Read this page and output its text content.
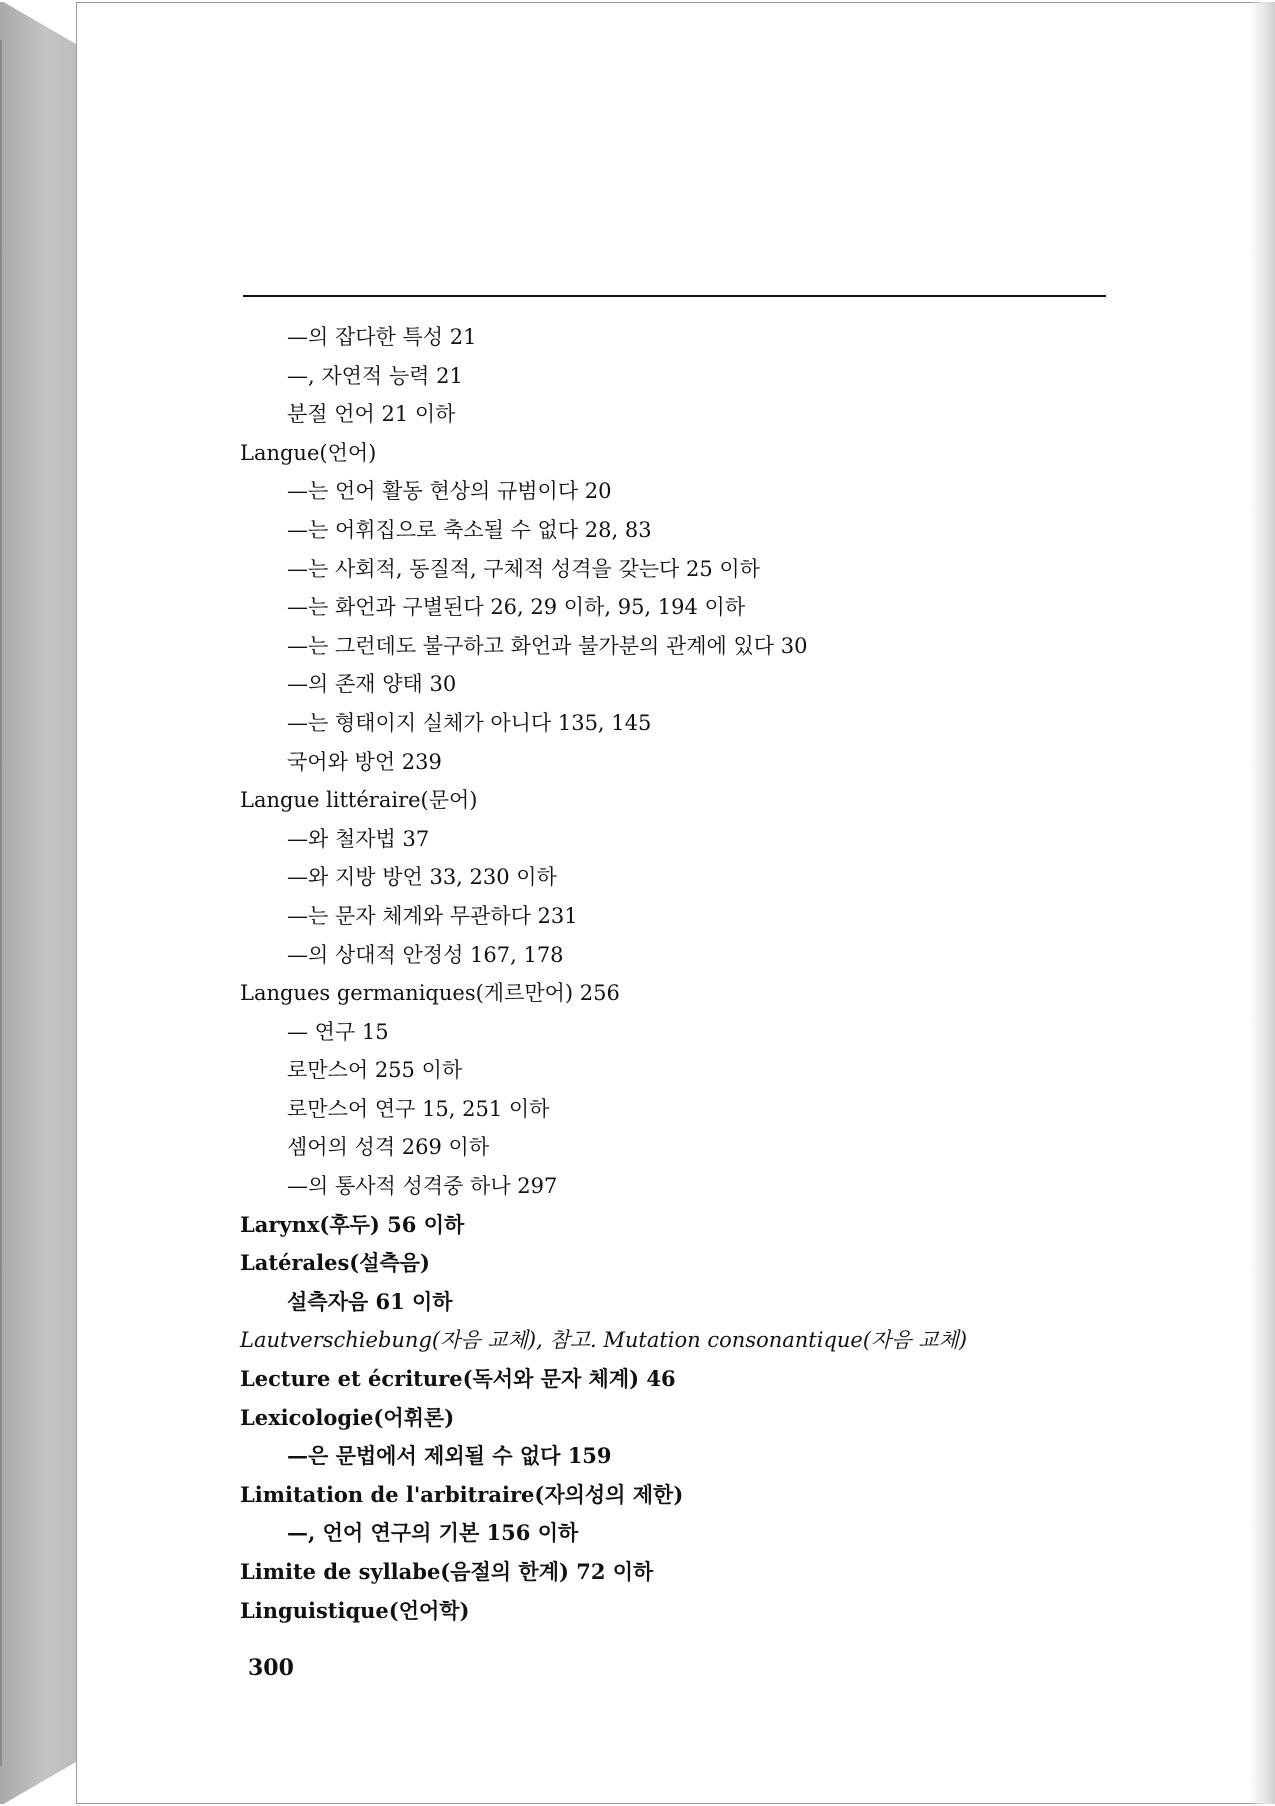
—의 잡다한 특성 21
—, 자연적 능력 21
분절 언어 21 이하
Langue(언어)
—는 언어 활동 현상의 규범이다 20
—는 어휘집으로 축소될 수 없다 28, 83
—는 사회적, 동질적, 구체적 성격을 갖는다 25 이하
—는 화언과 구별된다 26, 29 이하, 95, 194 이하
—는 그런데도 불구하고 화언과 불가분의 관계에 있다 30
—의 존재 양태 30
—는 형태이지 실체가 아니다 135, 145
국어와 방언 239
Langue littéraire(문어)
—와 철자법 37
—와 지방 방언 33, 230 이하
—는 문자 체계와 무관하다 231
—의 상대적 안정성 167, 178
Langues germaniques(게르만어) 256
— 연구 15
로만스어 255 이하
로만스어 연구 15, 251 이하
셈어의 성격 269 이하
—의 통사적 성격중 하나 297
Larynx(후두) 56 이하
Latérales(설측음)
설측자음 61 이하
Lautverschiebung(자음 교체), 참고. Mutation consonantique(자음 교체)
Lecture et écriture(독서와 문자 체계) 46
Lexicologie(어휘론)
—은 문법에서 제외될 수 없다 159
Limitation de l'arbitraire(자의성의 제한)
—, 언어 연구의 기본 156 이하
Limite de syllabe(음절의 한계) 72 이하
Linguistique(언어학)
300
